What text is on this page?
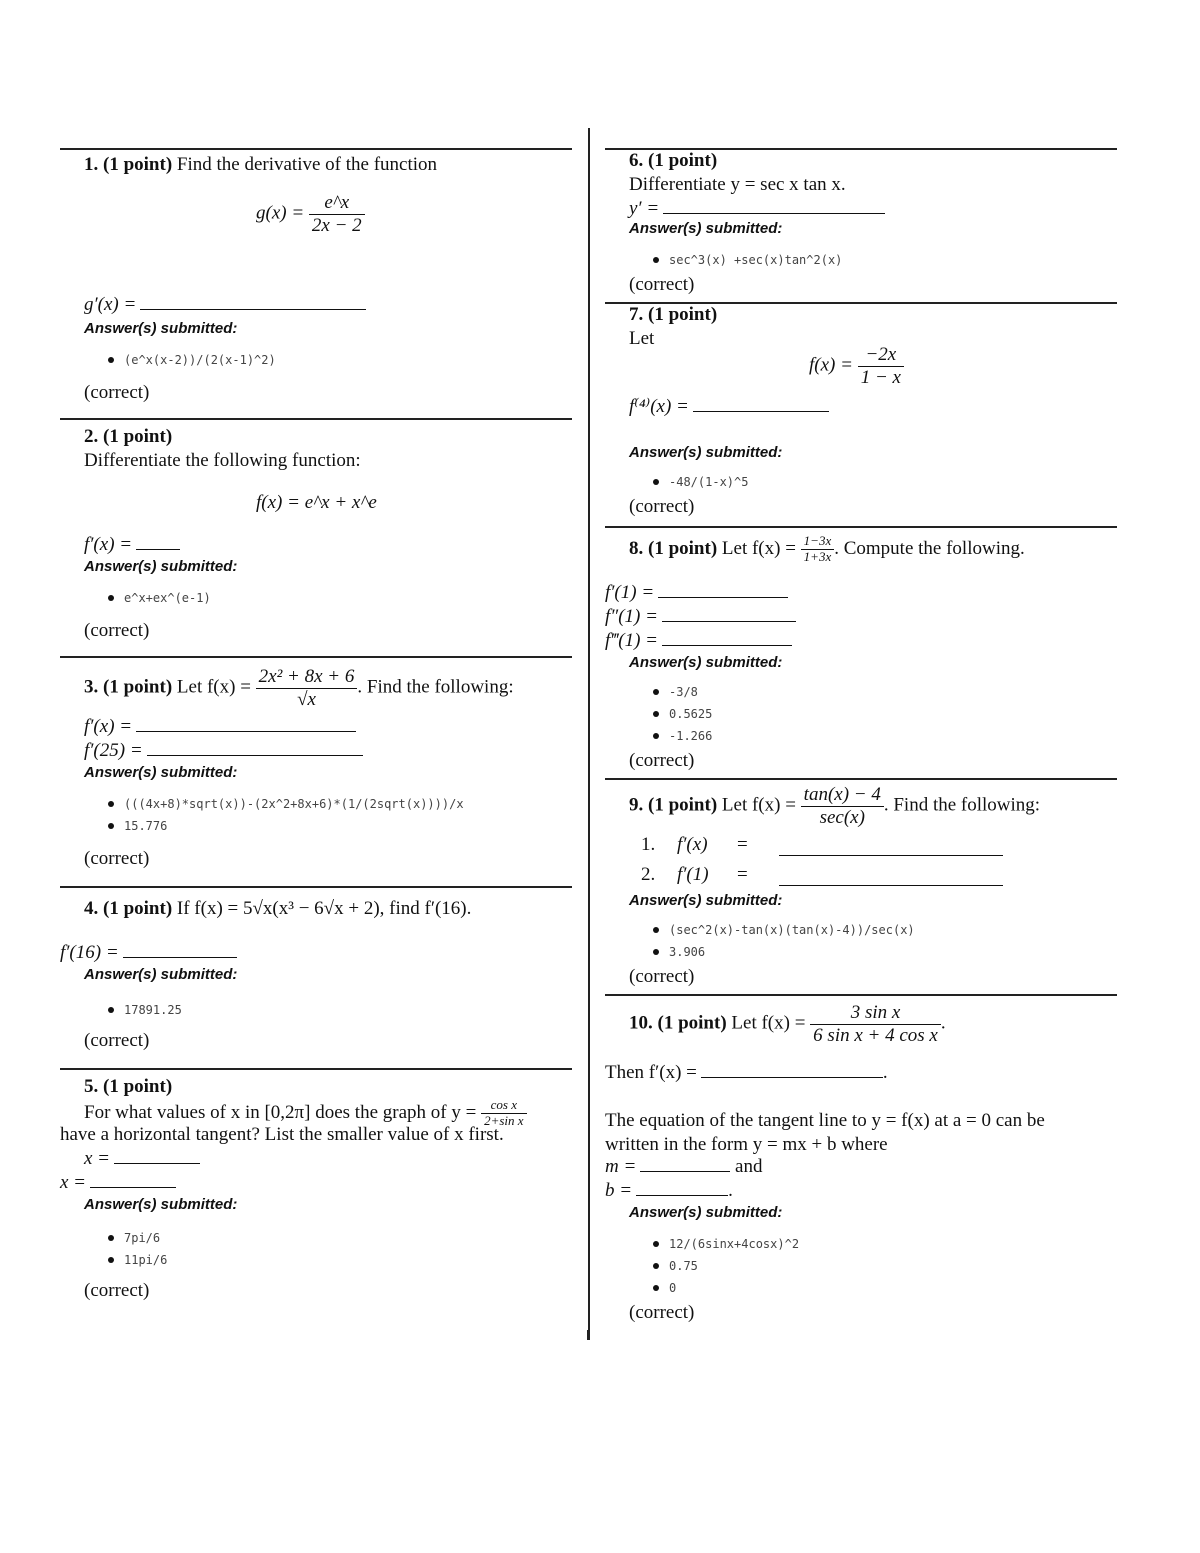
1. (1 point) Find the derivative of the function
$g(x) = \frac{e\^{}x}{2x - 2}$
g′(x) =
Answer(s) submitted:
(e^x(x-2))/(2(x-1)^2)
(correct)
2. (1 point)
Differentiate the following function:
f(x) = e^x + x^e
f′(x) =
Answer(s) submitted:
e^x+ex^(e-1)
(correct)
3. (1 point) Let $f(x) = \frac{\text{2x² + 8x + 6}}{√x}$ . Find the following:
f′(x) =
f′(25) =
Answer(s) submitted:
(((4x+8)*sqrt(x))-(2x^2+8x+6)*(1/(2sqrt(x))))/x
15.776
(correct)
4. (1 point) If f(x) = 5√x(x³ − 6√x + 2), find f′(16).
f′(16) =
Answer(s) submitted:
17891.25
(correct)
5. (1 point)
For what values of x in [0,2π] does the graph of $y = \frac{\text{cos x}}{\text{2+sin x}}$
have a horizontal tangent? List the smaller value of x first.
x =
x =
Answer(s) submitted:
7pi/6
11pi/6
(correct)
6. (1 point)
Differentiate y = sec x tan x.
y′ =
Answer(s) submitted:
sec^3(x) +sec(x)tan^2(x)
(correct)
7. (1 point)
Let
$f(x) = \frac{-2x}{1 - x}$
f⁽⁴⁾(x) =
Answer(s) submitted:
-48/(1-x)^5
(correct)
8. (1 point) Let $f(x) = \frac{1-3x}{1+3x}$ . Compute the following.
f′(1) =
f″(1) =
f‴(1) =
Answer(s) submitted:
-3/8
0.5625
-1.266
(correct)
9. (1 point) Let $f(x) = \frac{\tan(x) - 4}{\sec(x)}$ . Find the following:
1. f′(x) =
2. f′(1) =
Answer(s) submitted:
(sec^2(x)-tan(x)(tan(x)-4))/sec(x)
3.906
(correct)
10. (1 point) Let $f(x) = \frac{\text{3 sin x}}{\text{6 sin x + 4 cos x}}$ .
Then f′(x) =	.
The equation of the tangent line to y = f(x) at a = 0 can be
written in the form y = mx + b where
m =	and
b =	.
Answer(s) submitted:
12/(6sinx+4cosx)^2
0.75
0
(correct)
